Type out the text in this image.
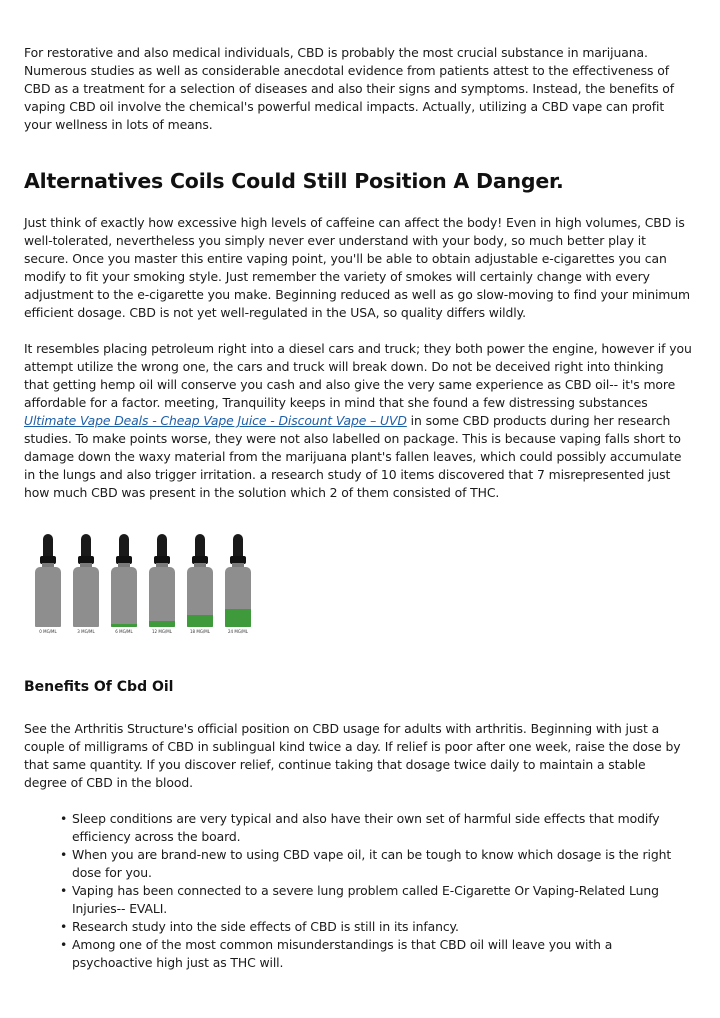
For restorative and also medical individuals, CBD is probably the most crucial substance in marijuana. Numerous studies as well as considerable anecdotal evidence from patients attest to the effectiveness of CBD as a treatment for a selection of diseases and also their signs and symptoms. Instead, the benefits of vaping CBD oil involve the chemical's powerful medical impacts. Actually, utilizing a CBD vape can profit your wellness in lots of means.

Alternatives Coils Could Still Position A Danger.

Just think of exactly how excessive high levels of caffeine can affect the body! Even in high volumes, CBD is well-tolerated, nevertheless you simply never ever understand with your body, so much better play it secure. Once you master this entire vaping point, you'll be able to obtain adjustable e-cigarettes you can modify to fit your smoking style. Just remember the variety of smokes will certainly change with every adjustment to the e-cigarette you make. Beginning reduced as well as go slow-moving to find your minimum efficient dosage. CBD is not yet well-regulated in the USA, so quality differs wildly.

It resembles placing petroleum right into a diesel cars and truck; they both power the engine, however if you attempt utilize the wrong one, the cars and truck will break down. Do not be deceived right into thinking that getting hemp oil will conserve you cash and also give the very same experience as CBD oil-- it's more affordable for a factor. meeting, Tranquility keeps in mind that she found a few distressing substances Ultimate Vape Deals - Cheap Vape Juice - Discount Vape – UVD in some CBD products during her research studies. To make points worse, they were not also labelled on package. This is because vaping falls short to damage down the waxy material from the marijuana plant's fallen leaves, which could possibly accumulate in the lungs and also trigger irritation. a research study of 10 items discovered that 7 misrepresented just how much CBD was present in the solution which 2 of them consisted of THC.

0 MG/ML	3 MG/ML	6 MG/ML	12 MG/ML	18 MG/ML	24 MG/ML
Benefits Of Cbd Oil

See the Arthritis Structure's official position on CBD usage for adults with arthritis. Beginning with just a couple of milligrams of CBD in sublingual kind twice a day. If relief is poor after one week, raise the dose by that same quantity. If you discover relief, continue taking that dosage twice daily to maintain a stable degree of CBD in the blood.

• Sleep conditions are very typical and also have their own set of harmful side effects that modify efficiency across the board.
• When you are brand-new to using CBD vape oil, it can be tough to know which dosage is the right dose for you.
• Vaping has been connected to a severe lung problem called E-Cigarette Or Vaping-Related Lung Injuries-- EVALI.
• Research study into the side effects of CBD is still in its infancy.
• Among one of the most common misunderstandings is that CBD oil will leave you with a psychoactive high just as THC will.
